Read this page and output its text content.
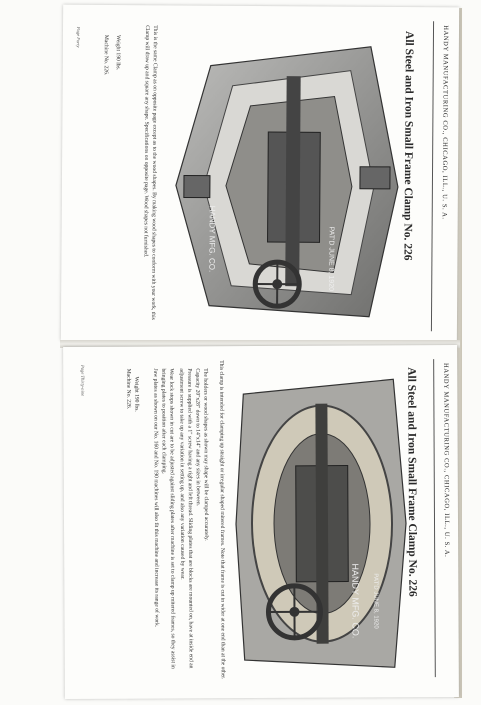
HANDY MANUFACTURING CO., CHICAGO, ILL., U. S. A.
All Steel and Iron Small Frame Clamp No. 226
PAT'D JUNE 8, 1920
HANDY MFG. CO.
This is the same Clamp as on opposite page except as to the wood shapes. By making wood shapes to conform with your work, this Clamp will draw up and square any shape. Specifications on opposite page. Wood shapes not furnished.
Weight 190 lbs.
Machine No. 226.
Page Forty
HANDY MANUFACTURING CO., CHICAGO, ILL., U. S. A.
All Steel and Iron Small Frame Clamp No. 226
HANDY MFG. CO. PAT'D JUNE 8, 1920
This clamp is intended for clamping up straight or irregular shaped mitered frames. Note that frame is cut in wider at one end than at the other.
The holders or wood shapes as shown may shape will be clamped accurately.
Capacity 20"x28" down to 14"x14" and any sizes in between.
Pressure is supplied with a 1" screw having a right and left thread. Sliding plates that are blocks are mounted on, have at inside end an adjustment screw to take up any variation in setting up, and also any variation caused by wear.
Wear lock stops shown in cut are to be adjusted against sliding plates after machine is set to clamp up mitered frames, so they assist in bringing plates to position after each clamping.
Jaw plates as shown on our No. 160 and No. 190 machines will also fit this machine and increase its range of work.
Weight 190 lbs.
Machine No. 226.
Page Thirty-nine
